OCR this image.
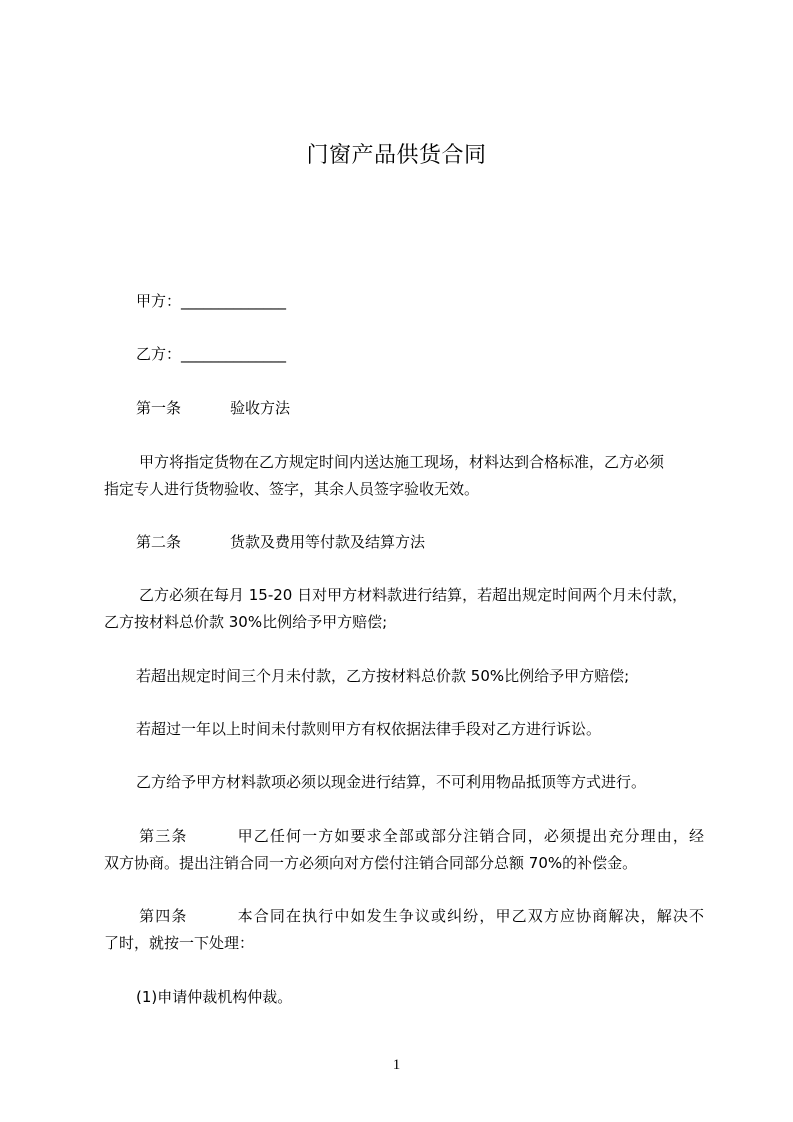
门窗产品供货合同
甲方：______________
乙方：______________
第一条	验收方法
甲方将指定货物在乙方规定时间内送达施工现场，材料达到合格标准，乙方必须
指定专人进行货物验收、签字，其余人员签字验收无效。
第二条	货款及费用等付款及结算方法
乙方必须在每月 15-20 日对甲方材料款进行结算，若超出规定时间两个月未付款，
乙方按材料总价款 30%比例给予甲方赔偿;
若超出规定时间三个月未付款，乙方按材料总价款 50%比例给予甲方赔偿;
若超过一年以上时间未付款则甲方有权依据法律手段对乙方进行诉讼。
乙方给予甲方材料款项必须以现金进行结算，不可利用物品抵顶等方式进行。
第三条	甲乙任何一方如要求全部或部分注销合同，必须提出充分理由，经
双方协商。提出注销合同一方必须向对方偿付注销合同部分总额 70%的补偿金。
第四条	本合同在执行中如发生争议或纠纷，甲乙双方应协商解决，解决不
了时，就按一下处理：
(1)申请仲裁机构仲裁。
1
